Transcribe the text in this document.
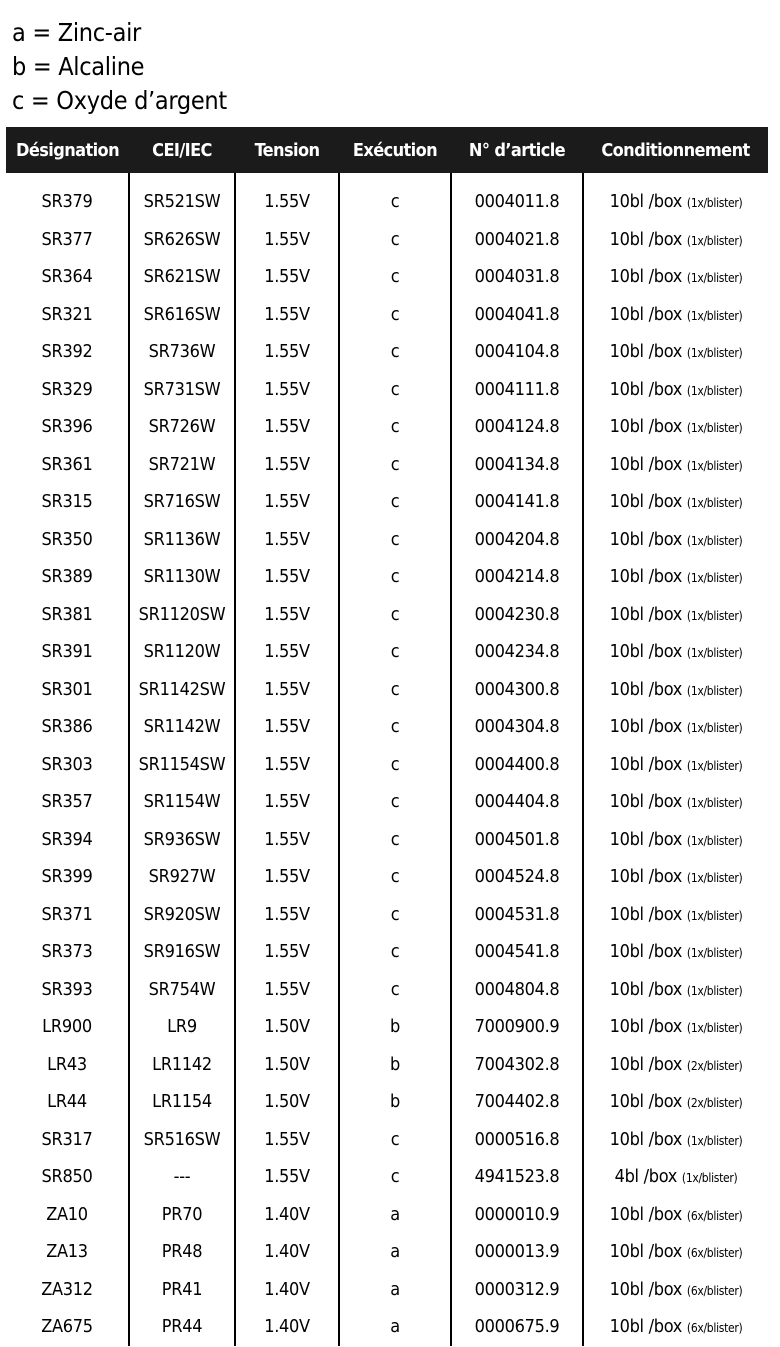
a = Zinc-air
b = Alcaline
c = Oxyde d’argent
Désignation	CEI/IEC	Tension	Exécution	N° d’article	Conditionnement

SR379	SR521SW	1.55V	c	0004011.8	10bl /box (1x/blister)
SR377	SR626SW	1.55V	c	0004021.8	10bl /box (1x/blister)
SR364	SR621SW	1.55V	c	0004031.8	10bl /box (1x/blister)
SR321	SR616SW	1.55V	c	0004041.8	10bl /box (1x/blister)
SR392	SR736W	1.55V	c	0004104.8	10bl /box (1x/blister)
SR329	SR731SW	1.55V	c	0004111.8	10bl /box (1x/blister)
SR396	SR726W	1.55V	c	0004124.8	10bl /box (1x/blister)
SR361	SR721W	1.55V	c	0004134.8	10bl /box (1x/blister)
SR315	SR716SW	1.55V	c	0004141.8	10bl /box (1x/blister)
SR350	SR1136W	1.55V	c	0004204.8	10bl /box (1x/blister)
SR389	SR1130W	1.55V	c	0004214.8	10bl /box (1x/blister)
SR381	SR1120SW	1.55V	c	0004230.8	10bl /box (1x/blister)
SR391	SR1120W	1.55V	c	0004234.8	10bl /box (1x/blister)
SR301	SR1142SW	1.55V	c	0004300.8	10bl /box (1x/blister)
SR386	SR1142W	1.55V	c	0004304.8	10bl /box (1x/blister)
SR303	SR1154SW	1.55V	c	0004400.8	10bl /box (1x/blister)
SR357	SR1154W	1.55V	c	0004404.8	10bl /box (1x/blister)
SR394	SR936SW	1.55V	c	0004501.8	10bl /box (1x/blister)
SR399	SR927W	1.55V	c	0004524.8	10bl /box (1x/blister)
SR371	SR920SW	1.55V	c	0004531.8	10bl /box (1x/blister)
SR373	SR916SW	1.55V	c	0004541.8	10bl /box (1x/blister)
SR393	SR754W	1.55V	c	0004804.8	10bl /box (1x/blister)
LR900	LR9	1.50V	b	7000900.9	10bl /box (1x/blister)
LR43	LR1142	1.50V	b	7004302.8	10bl /box (2x/blister)
LR44	LR1154	1.50V	b	7004402.8	10bl /box (2x/blister)
SR317	SR516SW	1.55V	c	0000516.8	10bl /box (1x/blister)
SR850	---	1.55V	c	4941523.8	4bl /box (1x/blister)
ZA10	PR70	1.40V	a	0000010.9	10bl /box (6x/blister)
ZA13	PR48	1.40V	a	0000013.9	10bl /box (6x/blister)
ZA312	PR41	1.40V	a	0000312.9	10bl /box (6x/blister)
ZA675	PR44	1.40V	a	0000675.9	10bl /box (6x/blister)
